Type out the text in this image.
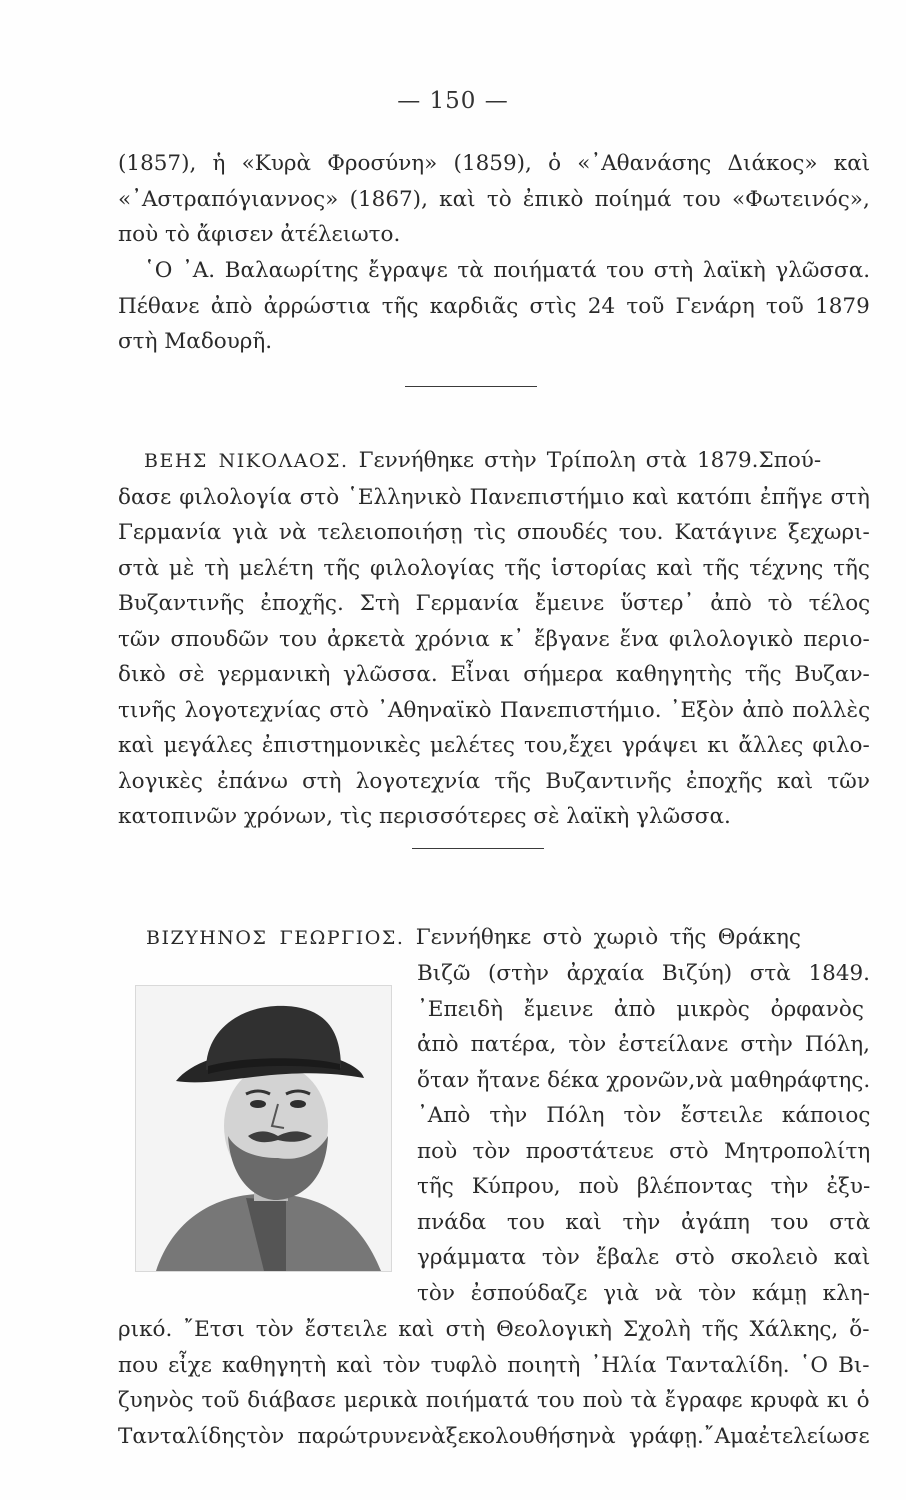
— 150 —
(1857), ἡ «Κυρὰ Φροσύνη» (1859), ὁ «᾿Αθανάσης Διάκος» καὶ
«᾿Αστραπόγιαννος» (1867), καὶ τὸ ἐπικὸ ποίημά του «Φωτεινός»,
ποὺ τὸ ἄφισεν ἀτέλειωτο.
῾Ο ᾿Α. Βαλαωρίτης ἔγραψε τὰ ποιήματά του στὴ λαϊκὴ γλῶσσα.
Πέθανε ἀπὸ ἀρρώστια τῆς καρδιᾶς στὶς 24 τοῦ Γενάρη τοῦ 1879
στὴ Μαδουρῆ.
ΒΕΗΣ ΝΙΚΟΛΑΟΣ. Γεννήθηκε στὴν Τρίπολη στὰ 1879.Σπού-
δασε φιλολογία στὸ ῾Ελληνικὸ Πανεπιστήμιο καὶ κατόπι ἐπῆγε στὴ
Γερμανία γιὰ νὰ τελειοποιήσῃ τὶς σπουδές του. Κατάγινε ξεχωρι-
στὰ μὲ τὴ μελέτη τῆς φιλολογίας τῆς ἱστορίας καὶ τῆς τέχνης τῆς
Βυζαντινῆς ἐποχῆς. Στὴ Γερμανία ἔμεινε ὕστερ᾿ ἀπὸ τὸ τέλος
τῶν σπουδῶν του ἀρκετὰ χρόνια κ᾿ ἔβγανε ἕνα φιλολογικὸ περιο-
δικὸ σὲ γερμανικὴ γλῶσσα. Εἶναι σήμερα καθηγητὴς τῆς Βυζαν-
τινῆς λογοτεχνίας στὸ ᾿Αθηναϊκὸ Πανεπιστήμιο. ᾿Εξὸν ἀπὸ πολλὲς
καὶ μεγάλες ἐπιστημονικὲς μελέτες του,ἔχει γράψει κι ἄλλες φιλο-
λογικὲς ἐπάνω στὴ λογοτεχνία τῆς Βυζαντινῆς ἐποχῆς καὶ τῶν
κατοπινῶν χρόνων, τὶς περισσότερες σὲ λαϊκὴ γλῶσσα.
ΒΙΖΥΗΝΟΣ ΓΕΩΡΓΙΟΣ. Γεννήθηκε στὸ χωριὸ τῆς Θράκης
Βιζῶ (στὴν ἀρχαία Βιζύη) στὰ 1849.
᾿Επειδὴ ἔμεινε ἀπὸ μικρὸς ὀρφανὸς
ἀπὸ πατέρα, τὸν ἐστείλανε στὴν Πόλη,
ὅταν ἤτανε δέκα χρονῶν,νὰ μαθηράφτης.
᾿Απὸ τὴν Πόλη τὸν ἔστειλε κάποιος
ποὺ τὸν προστάτευε στὸ Μητροπολίτη
τῆς Κύπρου, ποὺ βλέποντας τὴν ἐξυ-
πνάδα του καὶ τὴν ἀγάπη του στὰ
γράμματα τὸν ἔβαλε στὸ σκολειὸ καὶ
τὸν ἐσπούδαζε γιὰ νὰ τὸν κάμῃ κλη-
ρικό. ῎Ετσι τὸν ἔστειλε καὶ στὴ Θεολογικὴ Σχολὴ τῆς Χάλκης, ὅ-
που εἶχε καθηγητὴ καὶ τὸν τυφλὸ ποιητὴ ᾿Ηλία Τανταλίδη. ῾Ο Βι-
ζυηνὸς τοῦ διάβασε μερικὰ ποιήματά του ποὺ τὰ ἔγραφε κρυφὰ κι ὁ
Τανταλίδηςτὸν παρώτρυνενὰξεκολουθήσηνὰ γράφῃ.῎Αμαἐτελείωσε
